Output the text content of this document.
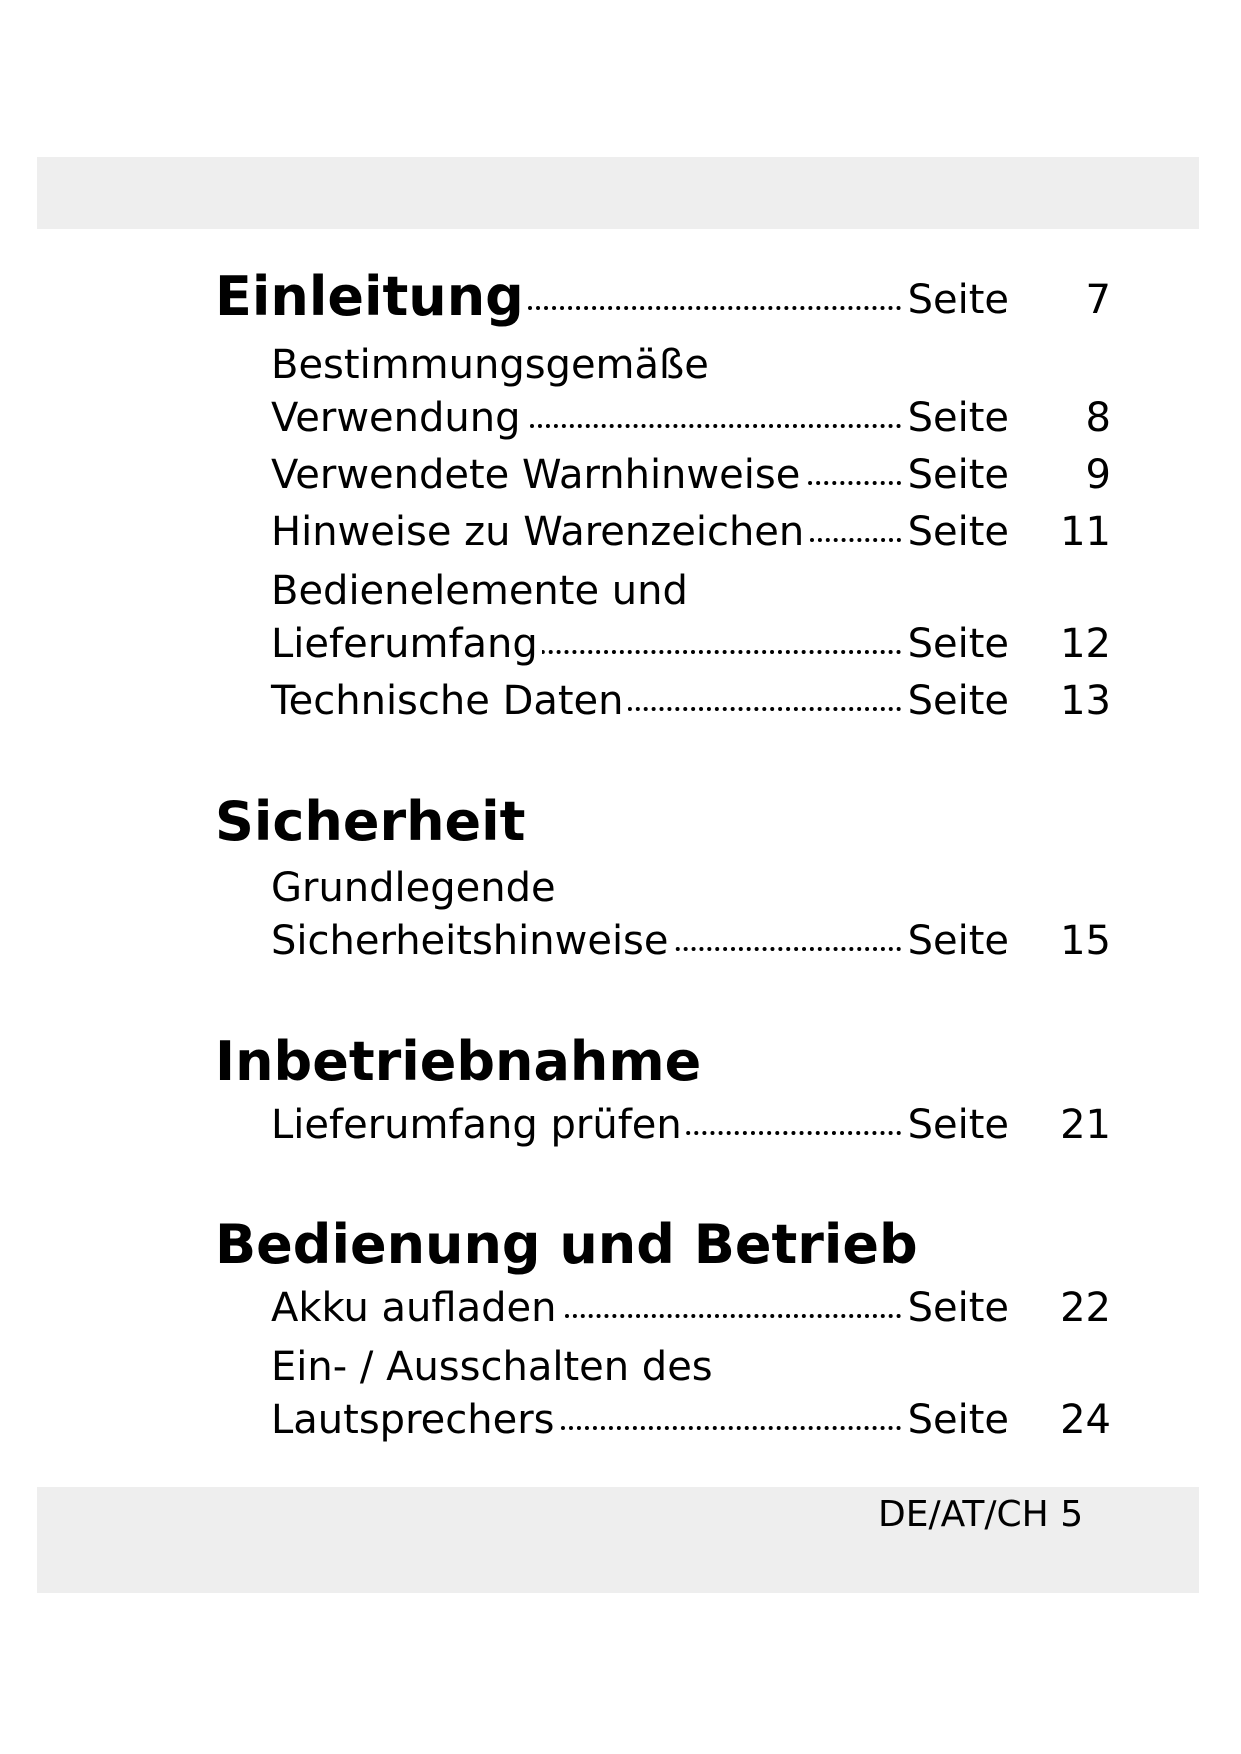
Einleitung	Seite 7
Bestimmungsgemäße
Verwendung	Seite 8
Verwendete Warnhinweise	Seite 9
Hinweise zu Warenzeichen	Seite 11
Bedienelemente und
Lieferumfang	Seite 12
Technische Daten	Seite 13
Sicherheit
Grundlegende
Sicherheitshinweise	Seite 15
Inbetriebnahme
Lieferumfang prüfen	Seite 21
Bedienung und Betrieb
Akku aufladen	Seite 22
Ein- / Ausschalten des
Lautsprechers	Seite 24
DE/AT/CH 5
